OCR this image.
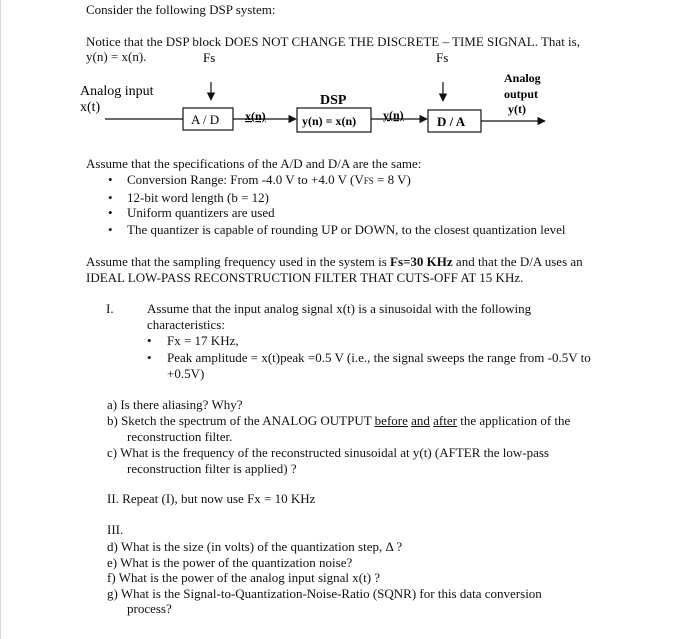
Consider the following DSP system:
Notice that the DSP block DOES NOT CHANGE THE DISCRETE – TIME SIGNAL. That is,
y(n) = x(n).	Fs	Fs
Analog input
x(t)
A / D x(n)
DSP
y(n) = x(n) y(n)	D / A
Analog
output
y(t)
Assume that the specifications of the A/D and D/A are the same:
• Conversion Range: From -4.0 V to +4.0 V (VFS = 8 V)
• 12-bit word length (b = 12)
• Uniform quantizers are used
• The quantizer is capable of rounding UP or DOWN, to the closest quantization level
Assume that the sampling frequency used in the system is Fs=30 KHz and that the D/A uses an
IDEAL LOW-PASS RECONSTRUCTION FILTER THAT CUTS-OFF AT 15 KHz.
I.	Assume that the input analog signal x(t) is a sinusoidal with the following
characteristics:
• Fx = 17 KHz,
• Peak amplitude = x(t)peak =0.5 V (i.e., the signal sweeps the range from -0.5V to
+0.5V)
a) Is there aliasing? Why?
b) Sketch the spectrum of the ANALOG OUTPUT before and after the application of the
reconstruction filter.
c) What is the frequency of the reconstructed sinusoidal at y(t) (AFTER the low-pass
reconstruction filter is applied) ?
II. Repeat (I), but now use Fx = 10 KHz
III.
d) What is the size (in volts) of the quantization step, Δ ?
e) What is the power of the quantization noise?
f) What is the power of the analog input signal x(t) ?
g) What is the Signal-to-Quantization-Noise-Ratio (SQNR) for this data conversion
process?
